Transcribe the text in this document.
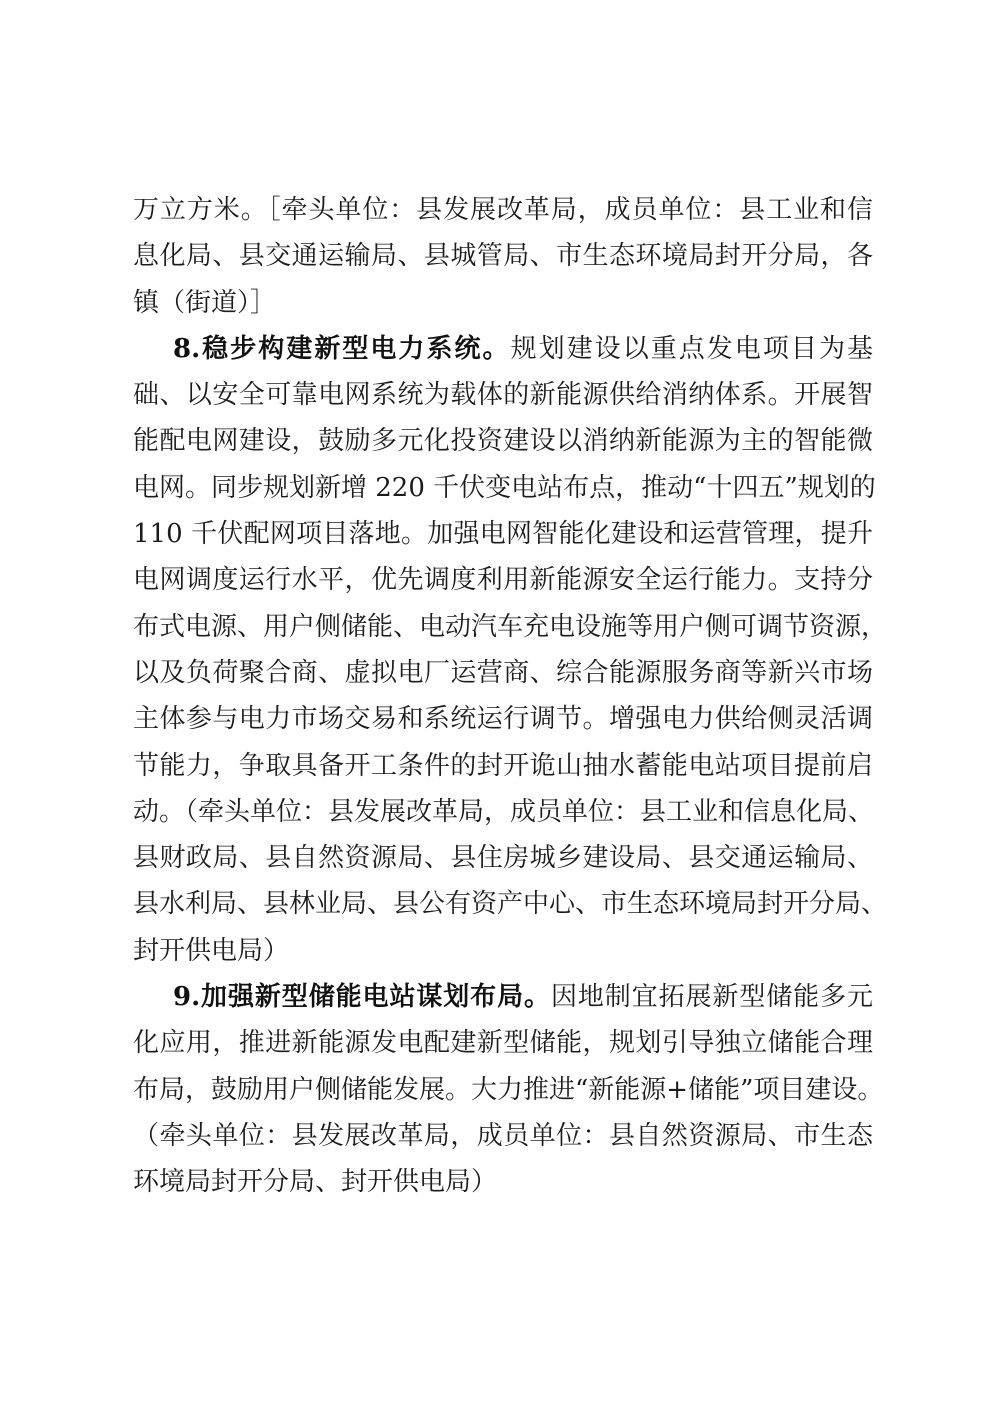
万立方米。［牵头单位：县发展改革局，成员单位：县工业和信
息化局、县交通运输局、县城管局、市生态环境局封开分局，各
镇（街道）］
8.稳步构建新型电力系统。规划建设以重点发电项目为基
础、以安全可靠电网系统为载体的新能源供给消纳体系。开展智
能配电网建设，鼓励多元化投资建设以消纳新能源为主的智能微
电网。同步规划新增 220 千伏变电站布点，推动“十四五”规划的
110 千伏配网项目落地。加强电网智能化建设和运营管理，提升
电网调度运行水平，优先调度利用新能源安全运行能力。支持分
布式电源、用户侧储能、电动汽车充电设施等用户侧可调节资源，
以及负荷聚合商、虚拟电厂运营商、综合能源服务商等新兴市场
主体参与电力市场交易和系统运行调节。增强电力供给侧灵活调
节能力，争取具备开工条件的封开诡山抽水蓄能电站项目提前启
动。（牵头单位：县发展改革局，成员单位：县工业和信息化局、
县财政局、县自然资源局、县住房城乡建设局、县交通运输局、
县水利局、县林业局、县公有资产中心、市生态环境局封开分局、
封开供电局）
9.加强新型储能电站谋划布局。因地制宜拓展新型储能多元
化应用，推进新能源发电配建新型储能，规划引导独立储能合理
布局，鼓励用户侧储能发展。大力推进“新能源+储能”项目建设。
（牵头单位：县发展改革局，成员单位：县自然资源局、市生态
环境局封开分局、封开供电局）
